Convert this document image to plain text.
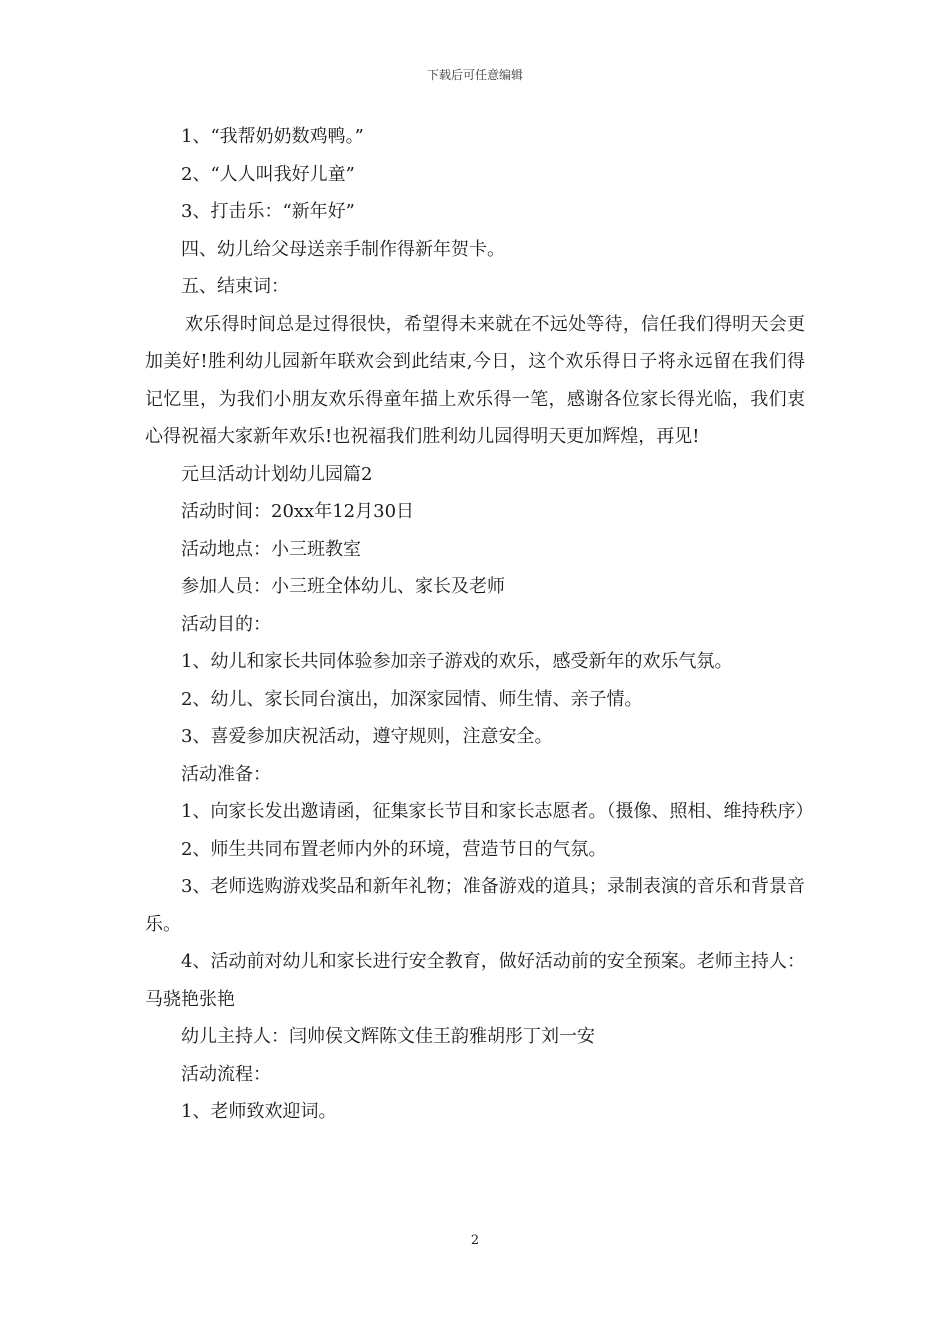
下载后可任意编辑

1、“我帮奶奶数鸡鸭。”

2、“人人叫我好儿童”

3、打击乐：“新年好”

四、幼儿给父母送亲手制作得新年贺卡。

五、结束词：

欢乐得时间总是过得很快，希望得未来就在不远处等待，信任我们得明天会更加美好!胜利幼儿园新年联欢会到此结束,今日，这个欢乐得日子将永远留在我们得记忆里，为我们小朋友欢乐得童年描上欢乐得一笔，感谢各位家长得光临，我们衷心得祝福大家新年欢乐!也祝福我们胜利幼儿园得明天更加辉煌，再见!

元旦活动计划幼儿园篇2

活动时间：20xx年12月30日

活动地点：小三班教室

参加人员：小三班全体幼儿、家长及老师

活动目的：

1、幼儿和家长共同体验参加亲子游戏的欢乐，感受新年的欢乐气氛。

2、幼儿、家长同台演出，加深家园情、师生情、亲子情。

3、喜爱参加庆祝活动，遵守规则，注意安全。

活动准备：

1、向家长发出邀请函，征集家长节目和家长志愿者。（摄像、照相、维持秩序）

2、师生共同布置老师内外的环境，营造节日的气氛。

3、老师选购游戏奖品和新年礼物；准备游戏的道具；录制表演的音乐和背景音乐。

4、活动前对幼儿和家长进行安全教育，做好活动前的安全预案。老师主持人：马骁艳张艳

幼儿主持人：闫帅侯文辉陈文佳王韵雅胡彤丁刘一安

活动流程：

1、老师致欢迎词。

2
